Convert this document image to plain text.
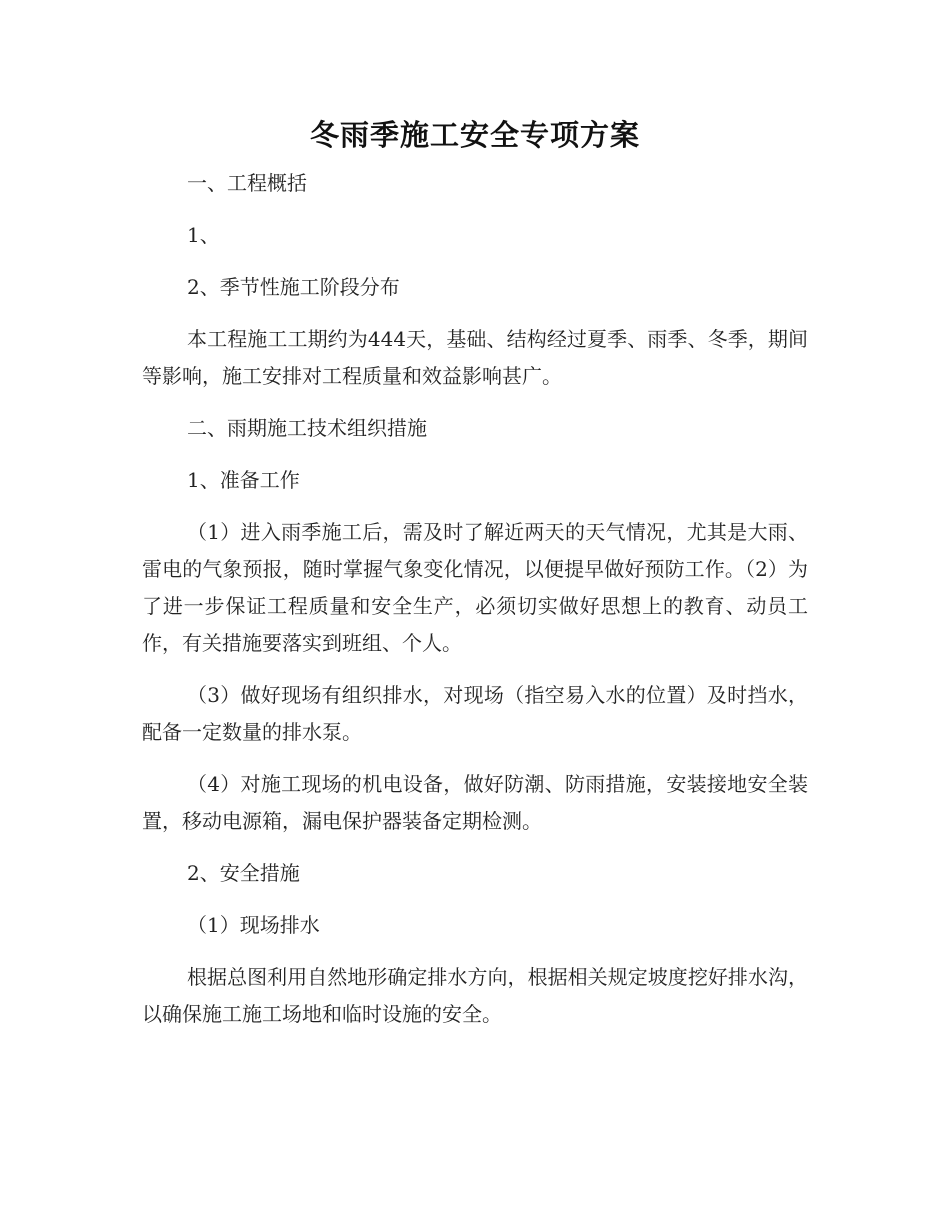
冬雨季施工安全专项方案

一、工程概括

1、

2、季节性施工阶段分布

本工程施工工期约为444天，基础、结构经过夏季、雨季、冬季，期间等影响，施工安排对工程质量和效益影响甚广。

二、雨期施工技术组织措施

1、准备工作

（1）进入雨季施工后，需及时了解近两天的天气情况，尤其是大雨、雷电的气象预报，随时掌握气象变化情况，以便提早做好预防工作。（2）为了进一步保证工程质量和安全生产，必须切实做好思想上的教育、动员工作，有关措施要落实到班组、个人。

（3）做好现场有组织排水，对现场（指空易入水的位置）及时挡水，配备一定数量的排水泵。

（4）对施工现场的机电设备，做好防潮、防雨措施，安装接地安全装置，移动电源箱，漏电保护器装备定期检测。

2、安全措施

（1）现场排水

根据总图利用自然地形确定排水方向，根据相关规定坡度挖好排水沟，以确保施工施工场地和临时设施的安全。
